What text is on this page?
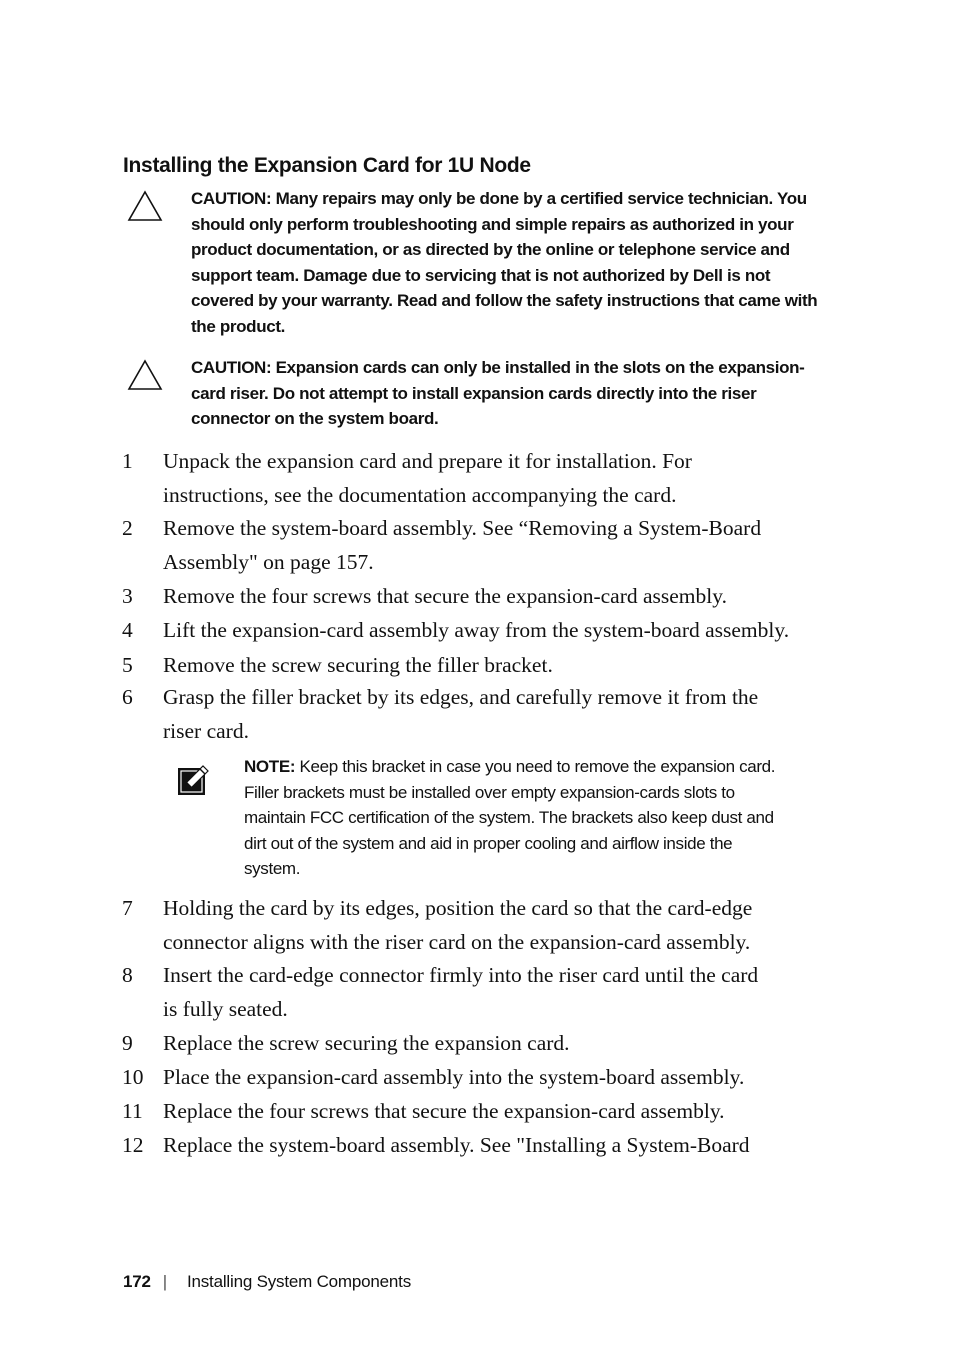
Installing the Expansion Card for 1U Node
CAUTION: Many repairs may only be done by a certified service technician. You
should only perform troubleshooting and simple repairs as authorized in your
product documentation, or as directed by the online or telephone service and
support team. Damage due to servicing that is not authorized by Dell is not
covered by your warranty. Read and follow the safety instructions that came with
the product.
CAUTION: Expansion cards can only be installed in the slots on the expansion-
card riser. Do not attempt to install expansion cards directly into the riser
connector on the system board.
1 Unpack the expansion card and prepare it for installation. For
instructions, see the documentation accompanying the card.
2 Remove the system-board assembly. See “Removing a System-Board
Assembly" on page 157.
3 Remove the four screws that secure the expansion-card assembly.
4 Lift the expansion-card assembly away from the system-board assembly.
5 Remove the screw securing the filler bracket.
6 Grasp the filler bracket by its edges, and carefully remove it from the
riser card.
7 Holding the card by its edges, position the card so that the card-edge
connector aligns with the riser card on the expansion-card assembly.
8 Insert the card-edge connector firmly into the riser card until the card
is fully seated.
9 Replace the screw securing the expansion card.
10 Place the expansion-card assembly into the system-board assembly.
11 Replace the four screws that secure the expansion-card assembly.
12 Replace the system-board assembly. See "Installing a System-Board
NOTE: Keep this bracket in case you need to remove the expansion card.
Filler brackets must be installed over empty expansion-cards slots to
maintain FCC certification of the system. The brackets also keep dust and
dirt out of the system and aid in proper cooling and airflow inside the
system.
172 | Installing System Components
